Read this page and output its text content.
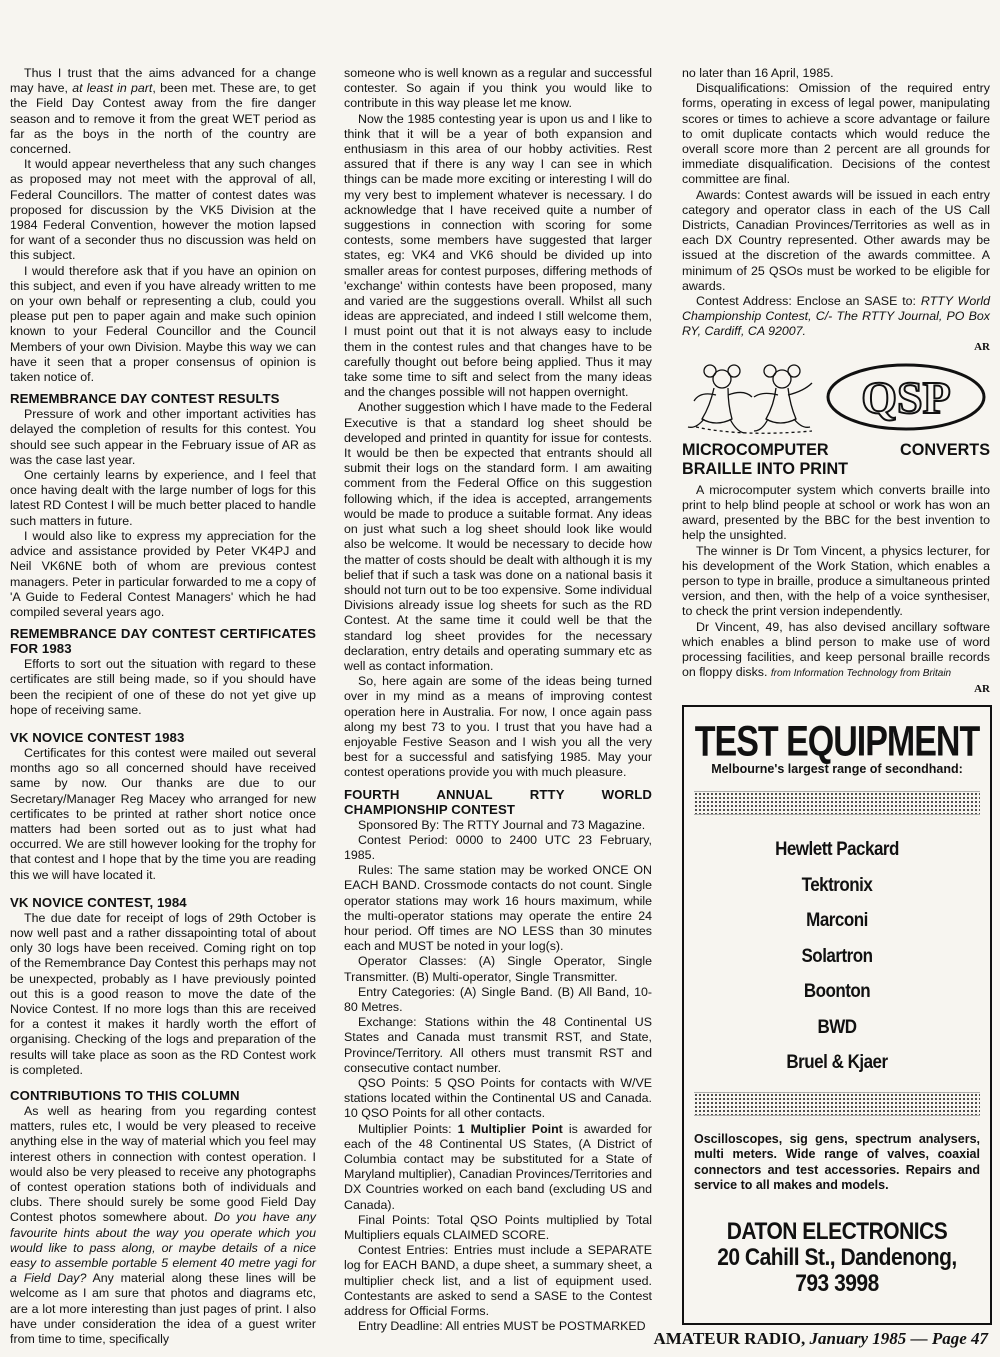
Thus I trust that the aims advanced for a change may have, at least in part, been met. These are, to get the Field Day Contest away from the fire danger season and to remove it from the great WET period as far as the boys in the north of the country are concerned.

It would appear nevertheless that any such changes as proposed may not meet with the approval of all, Federal Councillors. The matter of contest dates was proposed for discussion by the VK5 Division at the 1984 Federal Convention, however the motion lapsed for want of a seconder thus no discussion was held on this subject.

I would therefore ask that if you have an opinion on this subject, and even if you have already written to me on your own behalf or representing a club, could you please put pen to paper again and make such opinion known to your Federal Councillor and the Council Members of your own Division. Maybe this way we can have it seen that a proper consensus of opinion is taken notice of.

REMEMBRANCE DAY CONTEST RESULTS

Pressure of work and other important activities has delayed the completion of results for this contest. You should see such appear in the February issue of AR as was the case last year.

One certainly learns by experience, and I feel that once having dealt with the large number of logs for this latest RD Contest I will be much better placed to handle such matters in future.

I would also like to express my appreciation for the advice and assistance provided by Peter VK4PJ and Neil VK6NE both of whom are previous contest managers. Peter in particular forwarded to me a copy of 'A Guide to Federal Contest Managers' which he had compiled several years ago.

REMEMBRANCE DAY CONTEST CERTIFICATES FOR 1983

Efforts to sort out the situation with regard to these certificates are still being made, so if you should have been the recipient of one of these do not yet give up hope of receiving same.

VK NOVICE CONTEST 1983

Certificates for this contest were mailed out several months ago so all concerned should have received same by now. Our thanks are due to our Secretary/Manager Reg Macey who arranged for new certificates to be printed at rather short notice once matters had been sorted out as to just what had occurred. We are still however looking for the trophy for that contest and I hope that by the time you are reading this we will have located it.

VK NOVICE CONTEST, 1984

The due date for receipt of logs of 29th October is now well past and a rather dissapointing total of about only 30 logs have been received. Coming right on top of the Remembrance Day Contest this perhaps may not be unexpected, probably as I have previously pointed out this is a good reason to move the date of the Novice Contest. If no more logs than this are received for a contest it makes it hardly worth the effort of organising. Checking of the logs and preparation of the results will take place as soon as the RD Contest work is completed.

CONTRIBUTIONS TO THIS COLUMN

As well as hearing from you regarding contest matters, rules etc, I would be very pleased to receive anything else in the way of material which you feel may interest others in connection with contest operation. I would also be very pleased to receive any photographs of contest operation stations both of individuals and clubs. There should surely be some good Field Day Contest photos somewhere about. Do you have any favourite hints about the way you operate which you would like to pass along, or maybe details of a nice easy to assemble portable 5 element 40 metre yagi for a Field Day? Any material along these lines will be welcome as I am sure that photos and diagrams etc, are a lot more interesting than just pages of print. I also have under consideration the idea of a guest writer from time to time, specifically

someone who is well known as a regular and successful contester. So again if you think you would like to contribute in this way please let me know.

Now the 1985 contesting year is upon us and I like to think that it will be a year of both expansion and enthusiasm in this area of our hobby activities. Rest assured that if there is any way I can see in which things can be made more exciting or interesting I will do my very best to implement whatever is necessary. I do acknowledge that I have received quite a number of suggestions in connection with scoring for some contests, some members have suggested that larger states, eg: VK4 and VK6 should be divided up into smaller areas for contest purposes, differing methods of 'exchange' within contests have been proposed, many and varied are the suggestions overall. Whilst all such ideas are appreciated, and indeed I still welcome them, I must point out that it is not always easy to include them in the contest rules and that changes have to be carefully thought out before being applied. Thus it may take some time to sift and select from the many ideas and the changes possible will not happen overnight.

Another suggestion which I have made to the Federal Executive is that a standard log sheet should be developed and printed in quantity for issue for contests. It would be then be expected that entrants should all submit their logs on the standard form. I am awaiting comment from the Federal Office on this suggestion following which, if the idea is accepted, arrangements would be made to produce a suitable format. Any ideas on just what such a log sheet should look like would also be welcome. It would be necessary to decide how the matter of costs should be dealt with although it is my belief that if such a task was done on a national basis it should not turn out to be too expensive. Some individual Divisions already issue log sheets for such as the RD Contest. At the same time it could well be that the standard log sheet provides for the necessary declaration, entry details and operating summary etc as well as contact information.

So, here again are some of the ideas being turned over in my mind as a means of improving contest operation here in Australia. For now, I once again pass along my best 73 to you. I trust that you have had a enjoyable Festive Season and I wish you all the very best for a successful and satisfying 1985. May your contest operations provide you with much pleasure.

FOURTH ANNUAL RTTY WORLD CHAMPIONSHIP CONTEST

Sponsored By: The RTTY Journal and 73 Magazine.

Contest Period: 0000 to 2400 UTC 23 February, 1985.

Rules: The same station may be worked ONCE ON EACH BAND. Crossmode contacts do not count. Single operator stations may work 16 hours maximum, while the multi-operator stations may operate the entire 24 hour period. Off times are NO LESS than 30 minutes each and MUST be noted in your log(s).

Operator Classes: (A) Single Operator, Single Transmitter. (B) Multi-operator, Single Transmitter.

Entry Categories: (A) Single Band. (B) All Band, 10-80 Metres.

Exchange: Stations within the 48 Continental US States and Canada must transmit RST, and State, Province/Territory. All others must transmit RST and consecutive contact number.

QSO Points: 5 QSO Points for contacts with W/VE stations located within the Continental US and Canada. 10 QSO Points for all other contacts.

Multiplier Points: 1 Multiplier Point is awarded for each of the 48 Continental US States, (A District of Columbia contact may be substituted for a State of Maryland multiplier), Canadian Provinces/Territories and DX Countries worked on each band (excluding US and Canada).

Final Points: Total QSO Points multiplied by Total Multipliers equals CLAIMED SCORE.

Contest Entries: Entries must include a SEPARATE log for EACH BAND, a dupe sheet, a summary sheet, a multiplier check list, and a list of equipment used. Contestants are asked to send a SASE to the Contest address for Official Forms.

Entry Deadline: All entries MUST be POSTMARKED

no later than 16 April, 1985.

Disqualifications: Omission of the required entry forms, operating in excess of legal power, manipulating scores or times to achieve a score advantage or failure to omit duplicate contacts which would reduce the overall score more than 2 percent are all grounds for immediate disqualification. Decisions of the contest committee are final.

Awards: Contest awards will be issued in each entry category and operator class in each of the US Call Districts, Canadian Provinces/Territories as well as in each DX Country represented. Other awards may be issued at the discretion of the awards committee. A minimum of 25 QSOs must be worked to be eligible for awards.

Contest Address: Enclose an SASE to: RTTY World Championship Contest, C/- The RTTY Journal, PO Box RY, Cardiff, CA 92007.

AR

QSP
MICROCOMPUTER CONVERTS BRAILLE INTO PRINT

A microcomputer system which converts braille into print to help blind people at school or work has won an award, presented by the BBC for the best invention to help the unsighted.

The winner is Dr Tom Vincent, a physics lecturer, for his development of the Work Station, which enables a person to type in braille, produce a simultaneous printed version, and then, with the help of a voice synthesiser, to check the print version independently.

Dr Vincent, 49, has also devised ancillary software which enables a blind person to make use of word processing facilities, and keep personal braille records on floppy disks. from Information Technology from Britain

AR

TEST EQUIPMENT
Melbourne's largest range of secondhand:
Hewlett Packard
Tektronix
Marconi
Solartron
Boonton
BWD
Bruel & Kjaer
Oscilloscopes, sig gens, spectrum analysers, multi meters. Wide range of valves, coaxial connectors and test accessories. Repairs and service to all makes and models.
DATON ELECTRONICS
20 Cahill St., Dandenong,
793 3998
AMATEUR RADIO, January 1985 — Page 47
